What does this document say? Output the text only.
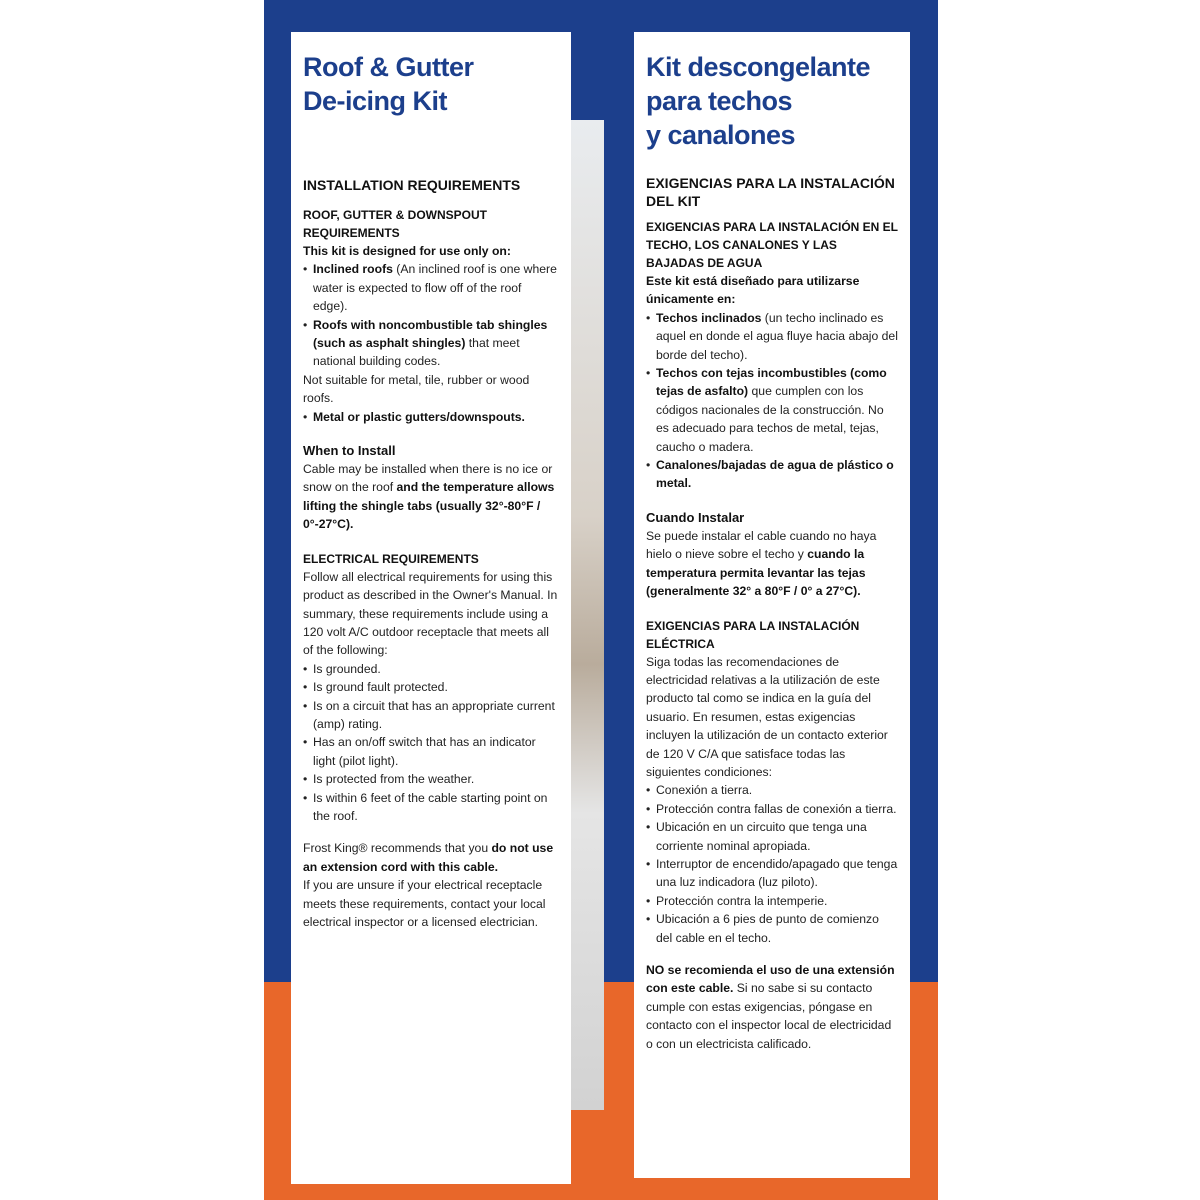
Roof & Gutter
De-icing Kit
INSTALLATION REQUIREMENTS
ROOF, GUTTER & DOWNSPOUT REQUIREMENTS

This kit is designed for use only on:

• Inclined roofs (An inclined roof is one where water is expected to flow off of the roof edge).
• Roofs with noncombustible tab shingles (such as asphalt shingles) that meet national building codes.

Not suitable for metal, tile, rubber or wood roofs.

• Metal or plastic gutters/downspouts.
When to Install

Cable may be installed when there is no ice or snow on the roof and the temperature allows lifting the shingle tabs (usually 32°-80°F / 0°-27°C).

ELECTRICAL REQUIREMENTS

Follow all electrical requirements for using this product as described in the Owner's Manual. In summary, these requirements include using a 120 volt A/C outdoor receptacle that meets all of the following:

• Is grounded.
• Is ground fault protected.
• Is on a circuit that has an appropriate current (amp) rating.
• Has an on/off switch that has an indicator light (pilot light).
• Is protected from the weather.
• Is within 6 feet of the cable starting point on the roof.

Frost King® recommends that you do not use an extension cord with this cable.

If you are unsure if your electrical receptacle meets these requirements, contact your local electrical inspector or a licensed electrician.

Kit descongelante
para techos
y canalones
EXIGENCIAS PARA LA INSTALACIÓN DEL KIT
EXIGENCIAS PARA LA INSTALACIÓN EN EL TECHO, LOS CANALONES Y LAS BAJADAS DE AGUA

Este kit está diseñado para utilizarse únicamente en:

• Techos inclinados (un techo inclinado es aquel en donde el agua fluye hacia abajo del borde del techo).
• Techos con tejas incombustibles (como tejas de asfalto) que cumplen con los códigos nacionales de la construcción. No es adecuado para techos de metal, tejas, caucho o madera.
• Canalones/bajadas de agua de plástico o metal.
Cuando Instalar

Se puede instalar el cable cuando no haya hielo o nieve sobre el techo y cuando la temperatura permita levantar las tejas (generalmente 32° a 80°F / 0° a 27°C).

EXIGENCIAS PARA LA INSTALACIÓN ELÉCTRICA

Siga todas las recomendaciones de electricidad relativas a la utilización de este producto tal como se indica en la guía del usuario. En resumen, estas exigencias incluyen la utilización de un contacto exterior de 120 V C/A que satisface todas las siguientes condiciones:

• Conexión a tierra.
• Protección contra fallas de conexión a tierra.
• Ubicación en un circuito que tenga una corriente nominal apropiada.
• Interruptor de encendido/apagado que tenga una luz indicadora (luz piloto).
• Protección contra la intemperie.
• Ubicación a 6 pies de punto de comienzo del cable en el techo.

NO se recomienda el uso de una extensión con este cable. Si no sabe si su contacto cumple con estas exigencias, póngase en contacto con el inspector local de electricidad o con un electricista calificado.
